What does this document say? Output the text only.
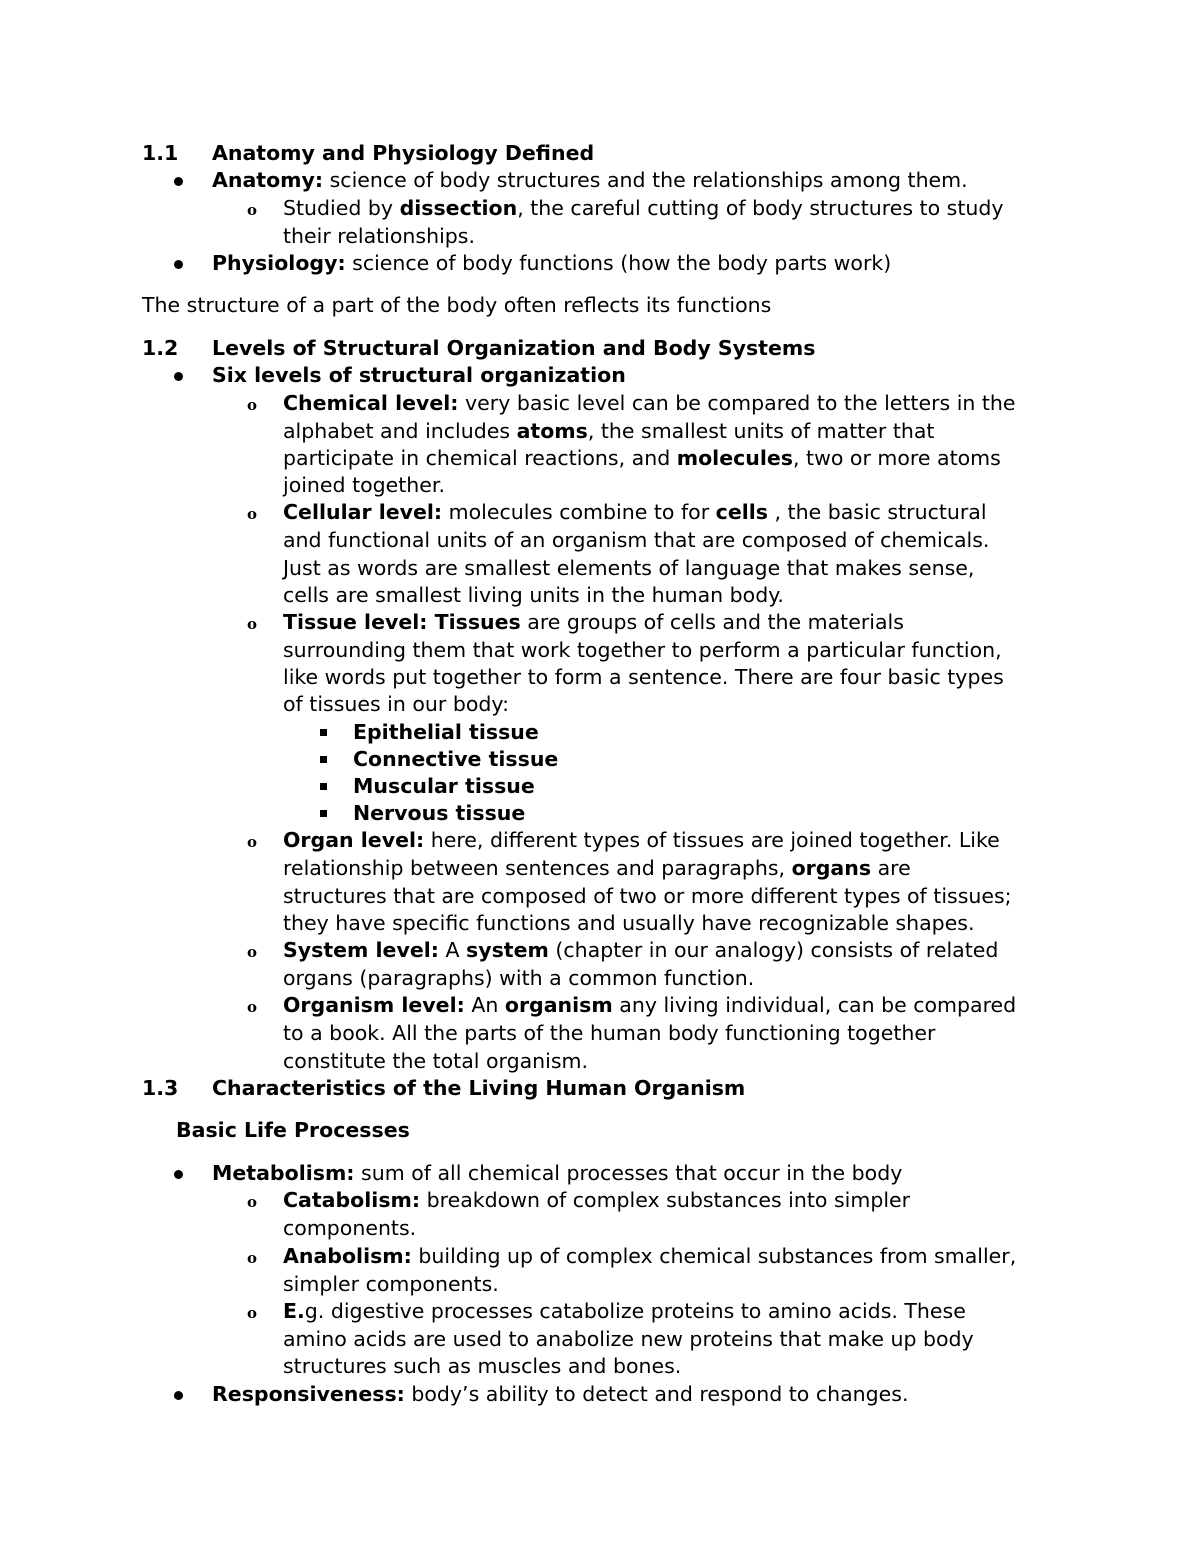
1.1 Anatomy and Physiology Defined
Anatomy: science of body structures and the relationships among them.
o Studied by dissection, the careful cutting of body structures to study
their relationships.
Physiology: science of body functions (how the body parts work)
The structure of a part of the body often reflects its functions
1.2 Levels of Structural Organization and Body Systems
Six levels of structural organization
o Chemical level: very basic level can be compared to the letters in the
alphabet and includes atoms, the smallest units of matter that
participate in chemical reactions, and molecules, two or more atoms
joined together.
o Cellular level: molecules combine to for cells , the basic structural
and functional units of an organism that are composed of chemicals.
Just as words are smallest elements of language that makes sense,
cells are smallest living units in the human body.
o Tissue level: Tissues are groups of cells and the materials
surrounding them that work together to perform a particular function,
like words put together to form a sentence. There are four basic types
of tissues in our body:
Epithelial tissue
Connective tissue
Muscular tissue
Nervous tissue
o Organ level: here, different types of tissues are joined together. Like
relationship between sentences and paragraphs, organs are
structures that are composed of two or more different types of tissues;
they have specific functions and usually have recognizable shapes.
o System level: A system (chapter in our analogy) consists of related
organs (paragraphs) with a common function.
o Organism level: An organism any living individual, can be compared
to a book. All the parts of the human body functioning together
constitute the total organism.
1.3 Characteristics of the Living Human Organism
Basic Life Processes
Metabolism: sum of all chemical processes that occur in the body
o Catabolism: breakdown of complex substances into simpler
components.
o Anabolism: building up of complex chemical substances from smaller,
simpler components.
o E.g. digestive processes catabolize proteins to amino acids. These
amino acids are used to anabolize new proteins that make up body
structures such as muscles and bones.
Responsiveness: body’s ability to detect and respond to changes.
